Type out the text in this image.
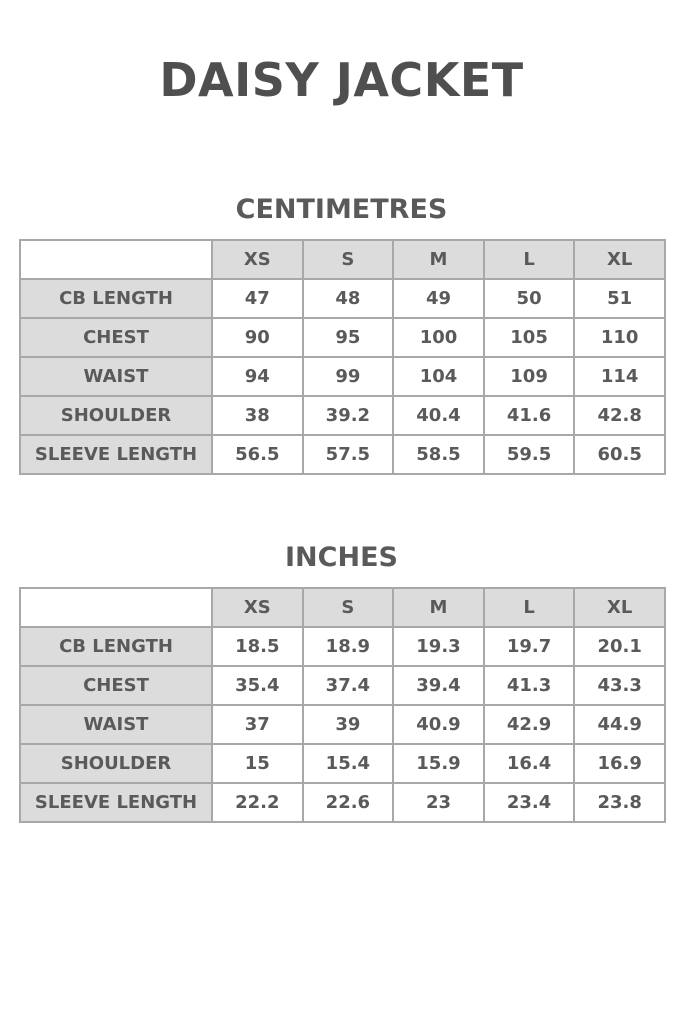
DAISY JACKET
CENTIMETRES
	XS	S	M	L	XL
CB LENGTH	47	48	49	50	51
CHEST	90	95	100	105	110
WAIST	94	99	104	109	114
SHOULDER	38	39.2	40.4	41.6	42.8
SLEEVE LENGTH	56.5	57.5	58.5	59.5	60.5
INCHES
	XS	S	M	L	XL
CB LENGTH	18.5	18.9	19.3	19.7	20.1
CHEST	35.4	37.4	39.4	41.3	43.3
WAIST	37	39	40.9	42.9	44.9
SHOULDER	15	15.4	15.9	16.4	16.9
SLEEVE LENGTH	22.2	22.6	23	23.4	23.8
